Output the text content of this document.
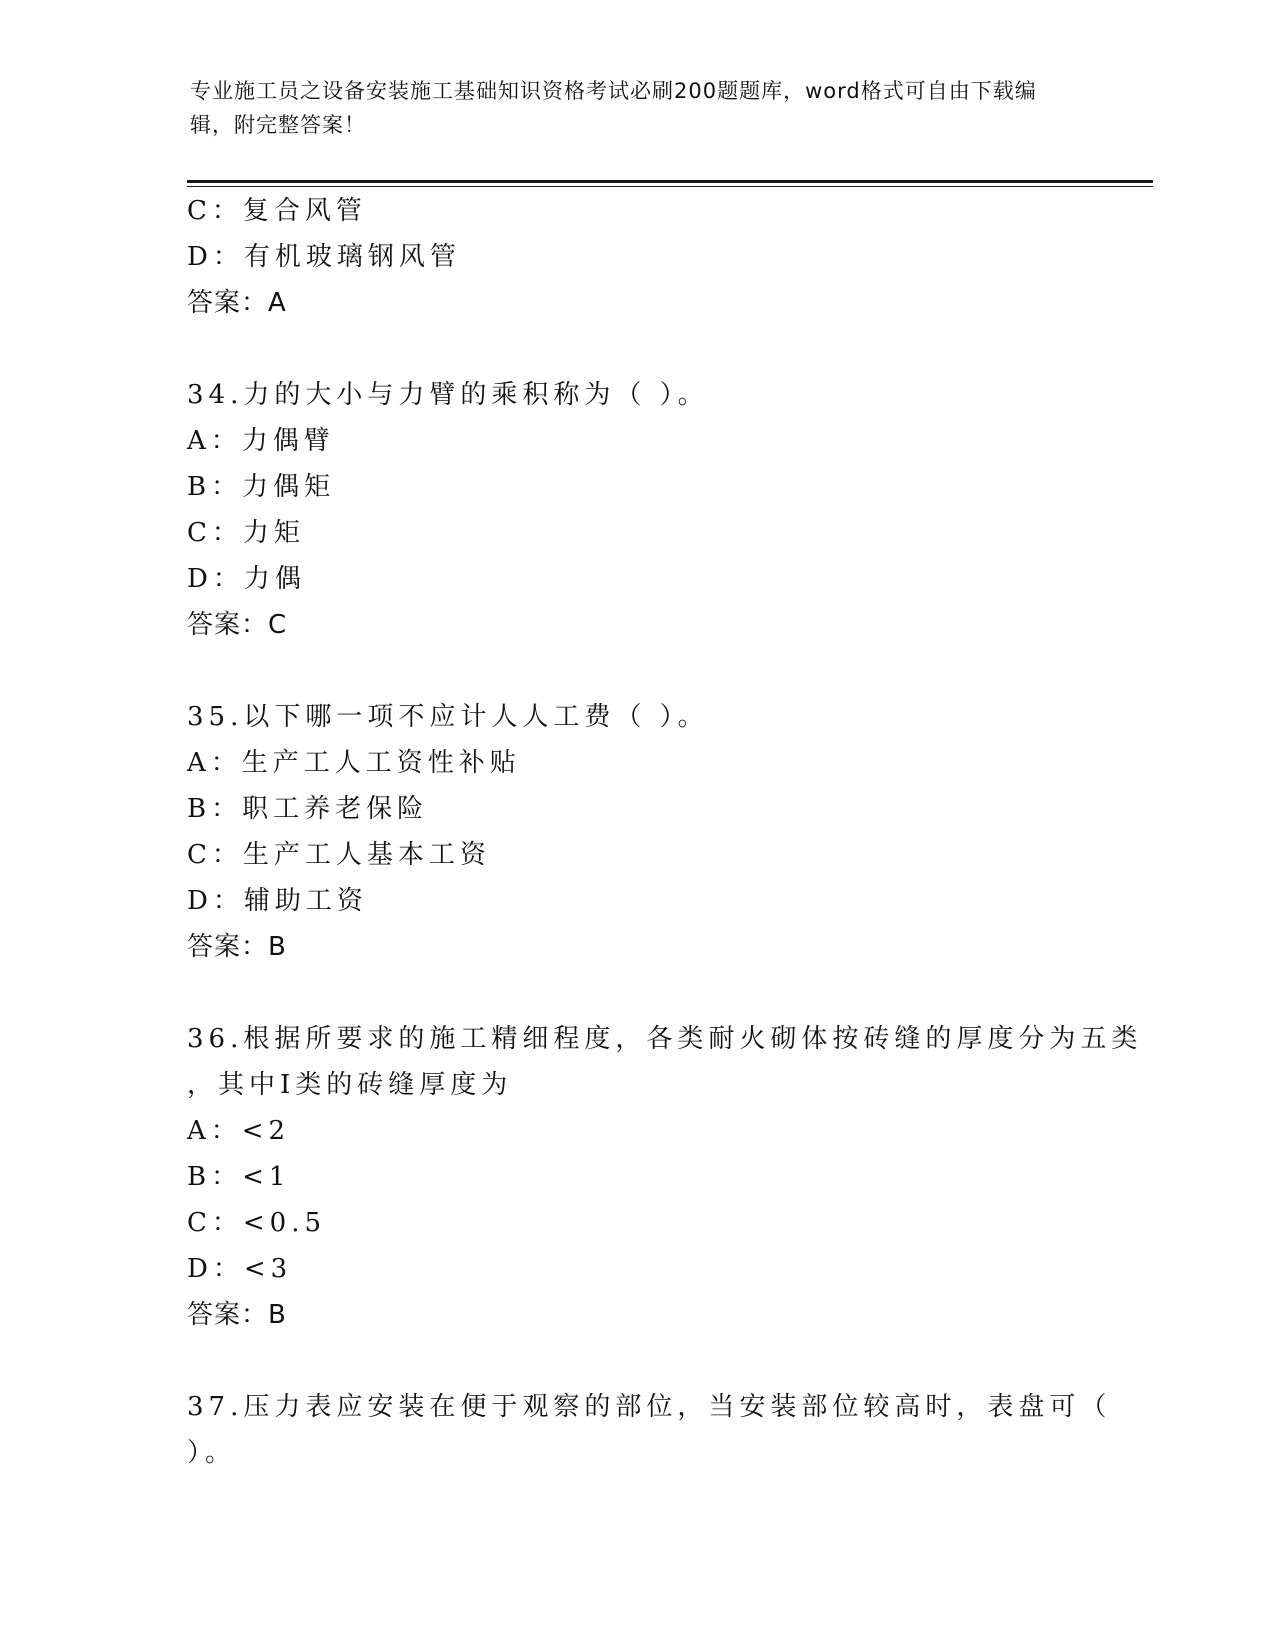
专业施工员之设备安装施工基础知识资格考试必刷200题题库，word格式可自由下载编辑，附完整答案！
C：复合风管
D：有机玻璃钢风管
答案：A
34.力的大小与力臂的乘积称为（ ）。
A：力偶臂
B：力偶矩
C：力矩
D：力偶
答案：C
35.以下哪一项不应计人人工费（ ）。
A：生产工人工资性补贴
B：职工养老保险
C：生产工人基本工资
D：辅助工资
答案：B
36.根据所要求的施工精细程度，各类耐火砌体按砖缝的厚度分为五类
，其中Ⅰ类的砖缝厚度为
A：<2
B：<1
C：<0.5
D：<3
答案：B
37.压力表应安装在便于观察的部位，当安装部位较高时，表盘可（
）。
